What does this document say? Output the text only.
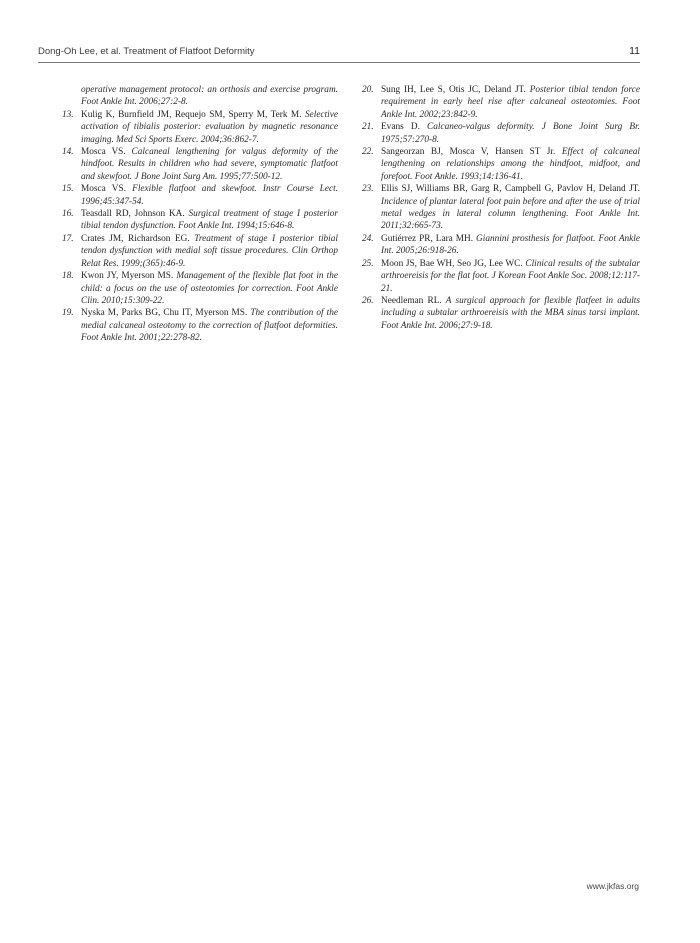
Dong-Oh Lee, et al. Treatment of Flatfoot Deformity	11
operative management protocol: an orthosis and exercise program. Foot Ankle Int. 2006;27:2-8.
13. Kulig K, Burnfield JM, Requejo SM, Sperry M, Terk M. Selective activation of tibialis posterior: evaluation by magnetic resonance imaging. Med Sci Sports Exerc. 2004;36:862-7.
14. Mosca VS. Calcaneal lengthening for valgus deformity of the hindfoot. Results in children who had severe, symptomatic flatfoot and skewfoot. J Bone Joint Surg Am. 1995;77:500-12.
15. Mosca VS. Flexible flatfoot and skewfoot. Instr Course Lect. 1996;45:347-54.
16. Teasdall RD, Johnson KA. Surgical treatment of stage I posterior tibial tendon dysfunction. Foot Ankle Int. 1994;15:646-8.
17. Crates JM, Richardson EG. Treatment of stage I posterior tibial tendon dysfunction with medial soft tissue procedures. Clin Orthop Relat Res. 1999;(365):46-9.
18. Kwon JY, Myerson MS. Management of the flexible flat foot in the child: a focus on the use of osteotomies for correction. Foot Ankle Clin. 2010;15:309-22.
19. Nyska M, Parks BG, Chu IT, Myerson MS. The contribution of the medial calcaneal osteotomy to the correction of flatfoot deformities. Foot Ankle Int. 2001;22:278-82.
20. Sung IH, Lee S, Otis JC, Deland JT. Posterior tibial tendon force requirement in early heel rise after calcaneal osteotomies. Foot Ankle Int. 2002;23:842-9.
21. Evans D. Calcaneo-valgus deformity. J Bone Joint Surg Br. 1975;57:270-8.
22. Sangeorzan BJ, Mosca V, Hansen ST Jr. Effect of calcaneal lengthening on relationships among the hindfoot, midfoot, and forefoot. Foot Ankle. 1993;14:136-41.
23. Ellis SJ, Williams BR, Garg R, Campbell G, Pavlov H, Deland JT. Incidence of plantar lateral foot pain before and after the use of trial metal wedges in lateral column lengthening. Foot Ankle Int. 2011;32:665-73.
24. Gutiérrez PR, Lara MH. Giannini prosthesis for flatfoot. Foot Ankle Int. 2005;26:918-26.
25. Moon JS, Bae WH, Seo JG, Lee WC. Clinical results of the subtalar arthroereisis for the flat foot. J Korean Foot Ankle Soc. 2008;12:117-21.
26. Needleman RL. A surgical approach for flexible flatfeet in adults including a subtalar arthroereisis with the MBA sinus tarsi implant. Foot Ankle Int. 2006;27:9-18.
www.jkfas.org
